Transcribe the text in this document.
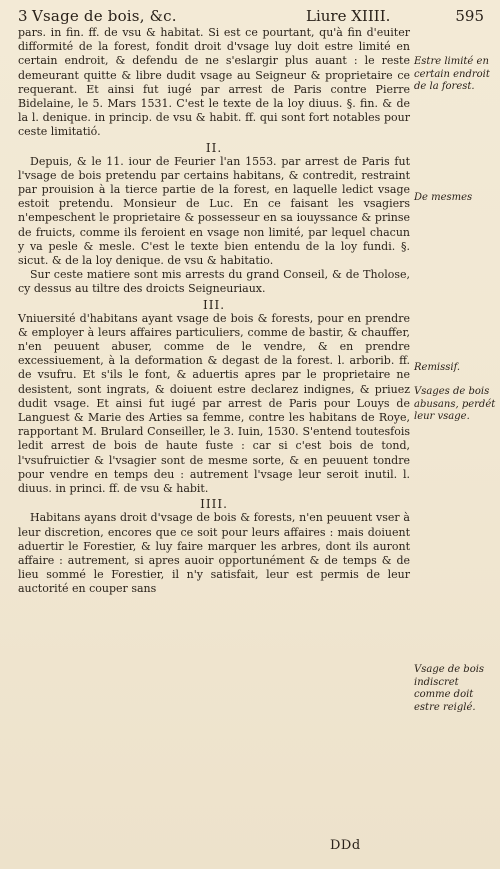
3 Vsage de bois, &c.	Liure XIIII.	595

pars. in fin. ff. de vsu & habitat. Si est ce pourtant, qu'à fin d'euiter difformité de la forest, fondit droit d'vsage luy doit estre limité en certain endroit, & defendu de ne s'eslargir plus auant : le reste demeurant quitte & libre dudit vsage au Seigneur & proprietaire ce requerant. Et ainsi fut iugé par arrest de Paris contre Pierre Bidelaine, le 5. Mars 1531. C'est le texte de la loy diuus. §. fin. & de la l. denique. in princip. de vsu & habit. ff. qui sont fort notables pour ceste limitatió.

II.

Depuis, & le 11. iour de Feurier l'an 1553. par arrest de Paris fut l'vsage de bois pretendu par certains habitans, & contredit, restraint par prouision à la tierce partie de la forest, en laquelle ledict vsage estoit pretendu. Monsieur de Luc. En ce faisant les vsagiers n'empeschent le proprietaire & possesseur en sa iouyssance & prinse de fruicts, comme ils feroient en vsage non limité, par lequel chacun y va pesle & mesle. C'est le texte bien entendu de la loy fundi. §. sicut. & de la loy denique. de vsu & habitatio.

Sur ceste matiere sont mis arrests du grand Conseil, & de Tholose, cy dessus au tiltre des droicts Seigneuriaux.

III.

Vniuersité d'habitans ayant vsage de bois & forests, pour en prendre & employer à leurs affaires particuliers, comme de bastir, & chauffer, n'en peuuent abuser, comme de le vendre, & en prendre excessiuement, à la deformation & degast de la forest. l. arborib. ff. de vsufru. Et s'ils le font, & aduertis apres par le proprietaire ne desistent, sont ingrats, & doiuent estre declarez indignes, & priuez dudit vsage. Et ainsi fut iugé par arrest de Paris pour Louys de Languest & Marie des Arties sa femme, contre les habitans de Roye, rapportant M. Brulard Conseiller, le 3. Iuin, 1530. S'entend toutesfois ledit arrest de bois de haute fuste : car si c'est bois de tond, l'vsufruictier & l'vsagier sont de mesme sorte, & en peuuent tondre pour vendre en temps deu : autrement l'vsage leur seroit inutil. l. diuus. in princi. ff. de vsu & habit.

IIII.

Habitans ayans droit d'vsage de bois & forests, n'en peuuent vser à leur discretion, encores que ce soit pour leurs affaires : mais doiuent aduertir le Forestier, & luy faire marquer les arbres, dont ils auront affaire : autrement, si apres auoir opportunément & de temps & de lieu sommé le Forestier, il n'y satisfait, leur est permis de leur auctorité en couper sans

Estre limité en certain endroit de la forest.
De mesmes
Remissif.
Vsages de bois abusans, perdét leur vsage.
Vsage de bois indiscret comme doit estre reiglé.
DDd
